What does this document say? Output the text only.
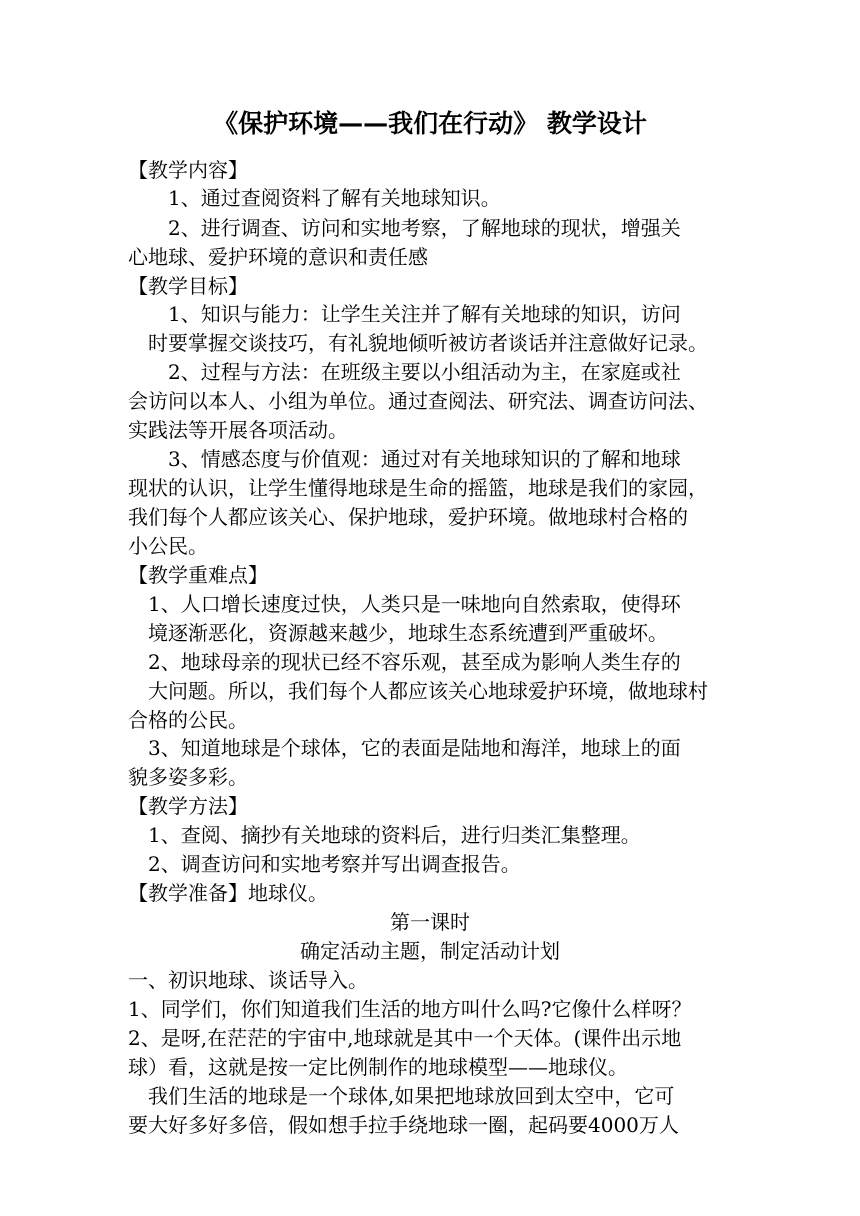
《保护环境——我们在行动》 教学设计

【教学内容】

　　1、通过查阅资料了解有关地球知识。

　　2、进行调查、访问和实地考察，了解地球的现状，增强关

心地球、爱护环境的意识和责任感

【教学目标】

　　1、知识与能力：让学生关注并了解有关地球的知识，访问

　时要掌握交谈技巧，有礼貌地倾听被访者谈话并注意做好记录。

　　2、过程与方法：在班级主要以小组活动为主，在家庭或社

会访问以本人、小组为单位。通过查阅法、研究法、调查访问法、

实践法等开展各项活动。

　　3、情感态度与价值观：通过对有关地球知识的了解和地球

现状的认识，让学生懂得地球是生命的摇篮，地球是我们的家园，

我们每个人都应该关心、保护地球，爱护环境。做地球村合格的

小公民。

【教学重难点】

　1、人口增长速度过快，人类只是一味地向自然索取，使得环

　境逐渐恶化，资源越来越少，地球生态系统遭到严重破坏。

　2、地球母亲的现状已经不容乐观，甚至成为影响人类生存的

　大问题。所以，我们每个人都应该关心地球爱护环境，做地球村

合格的公民。

　3、知道地球是个球体，它的表面是陆地和海洋，地球上的面

貌多姿多彩。

【教学方法】

　1、查阅、摘抄有关地球的资料后，进行归类汇集整理。

　2、调查访问和实地考察并写出调查报告。

【教学准备】地球仪。

第一课时

确定活动主题，制定活动计划

一、初识地球、谈话导入。

1、同学们，你们知道我们生活的地方叫什么吗?它像什么样呀？

2、是呀,在茫茫的宇宙中,地球就是其中一个天体。(课件出示地

球）看，这就是按一定比例制作的地球模型——地球仪。

　我们生活的地球是一个球体,如果把地球放回到太空中，它可

要大好多好多倍，假如想手拉手绕地球一圈，起码要4000万人
